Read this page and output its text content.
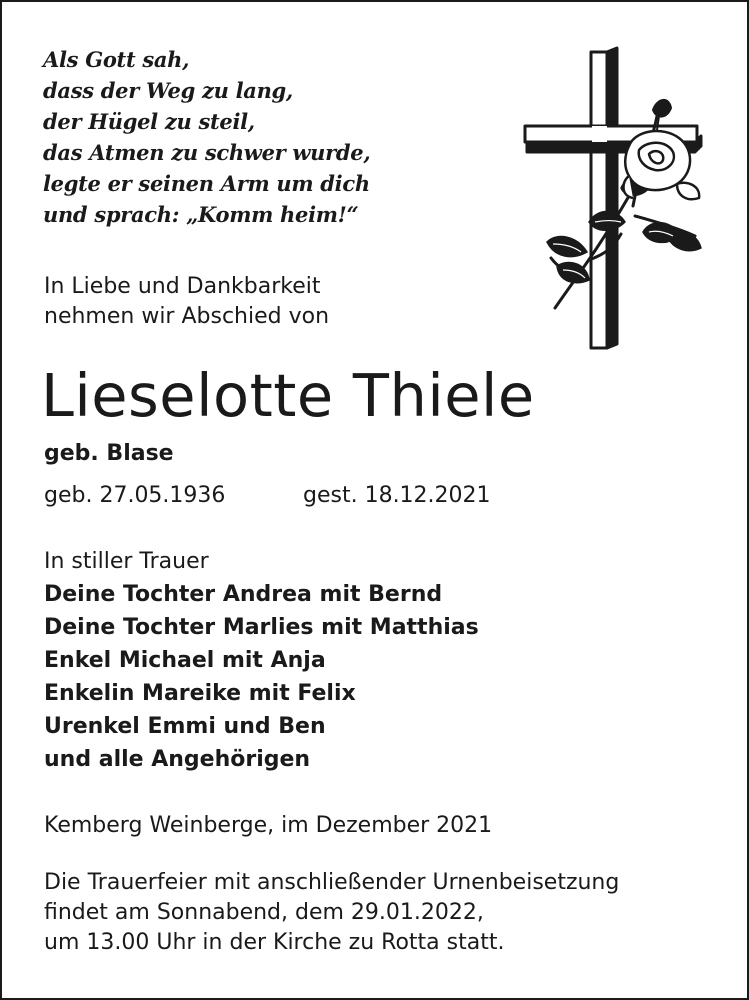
Als Gott sah,
dass der Weg zu lang,
der Hügel zu steil,
das Atmen zu schwer wurde,
legte er seinen Arm um dich
und sprach: „Komm heim!“
In Liebe und Dankbarkeit
nehmen wir Abschied von
Lieselotte Thiele
geb. Blase
geb. 27.05.1936	gest. 18.12.2021
In stiller Trauer
Deine Tochter Andrea mit Bernd
Deine Tochter Marlies mit Matthias
Enkel Michael mit Anja
Enkelin Mareike mit Felix
Urenkel Emmi und Ben
und alle Angehörigen
Kemberg Weinberge, im Dezember 2021
Die Trauerfeier mit anschließender Urnenbeisetzung
findet am Sonnabend, dem 29.01.2022,
um 13.00 Uhr in der Kirche zu Rotta statt.
